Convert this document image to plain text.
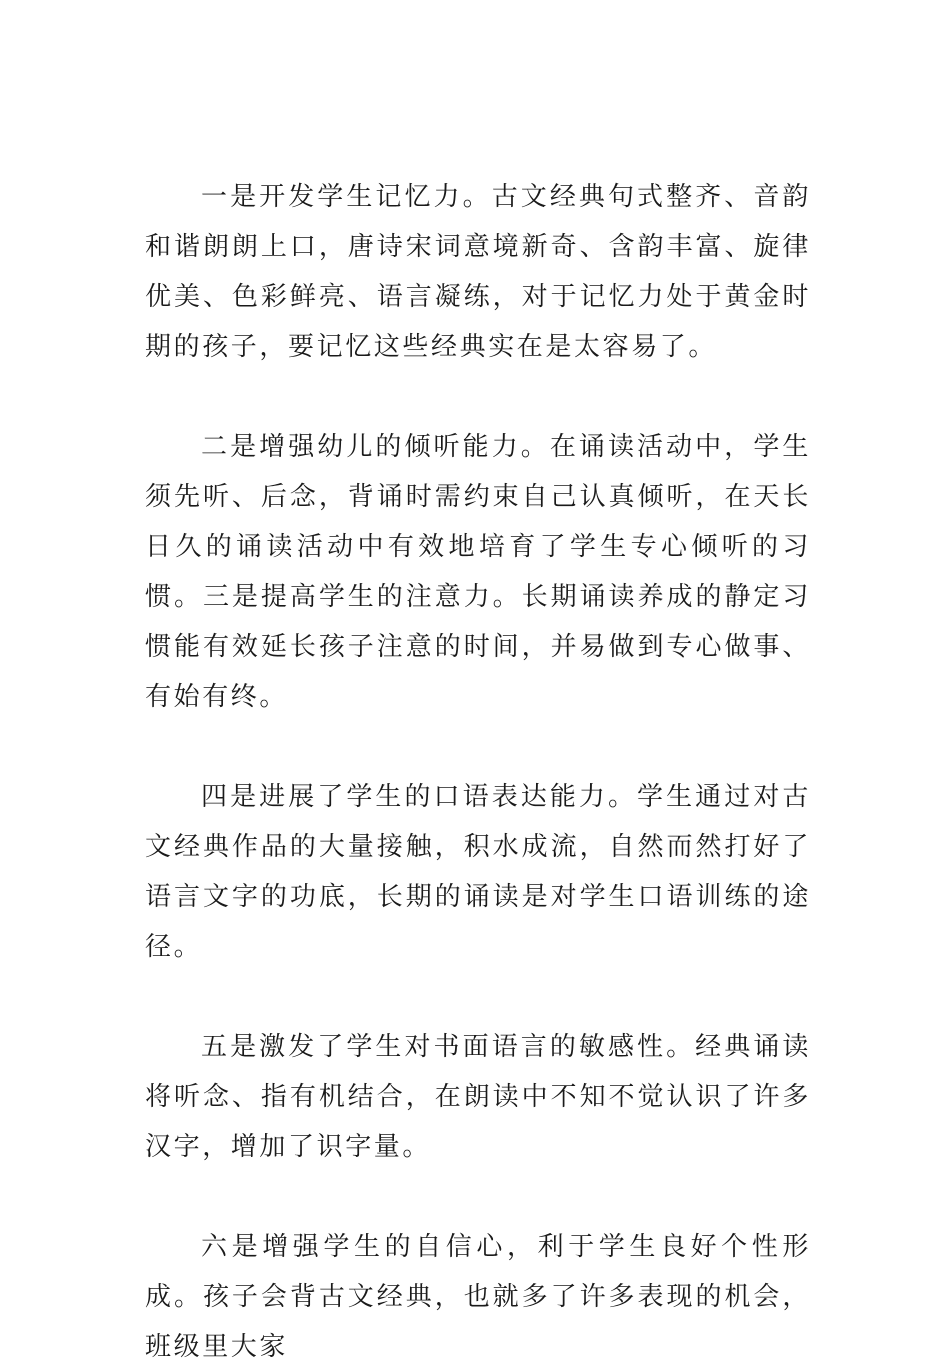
一是开发学生记忆力。古文经典句式整齐、音韵和谐朗朗上口，唐诗宋词意境新奇、含韵丰富、旋律优美、色彩鲜亮、语言凝练，对于记忆力处于黄金时期的孩子，要记忆这些经典实在是太容易了。

二是增强幼儿的倾听能力。在诵读活动中，学生须先听、后念，背诵时需约束自己认真倾听，在天长日久的诵读活动中有效地培育了学生专心倾听的习惯。三是提高学生的注意力。长期诵读养成的静定习惯能有效延长孩子注意的时间，并易做到专心做事、有始有终。

四是进展了学生的口语表达能力。学生通过对古文经典作品的大量接触，积水成流，自然而然打好了语言文字的功底，长期的诵读是对学生口语训练的途径。

五是激发了学生对书面语言的敏感性。经典诵读将听念、指有机结合，在朗读中不知不觉认识了许多汉字，增加了识字量。

六是增强学生的自信心，利于学生良好个性形成。孩子会背古文经典，也就多了许多表现的机会，班级里大家
